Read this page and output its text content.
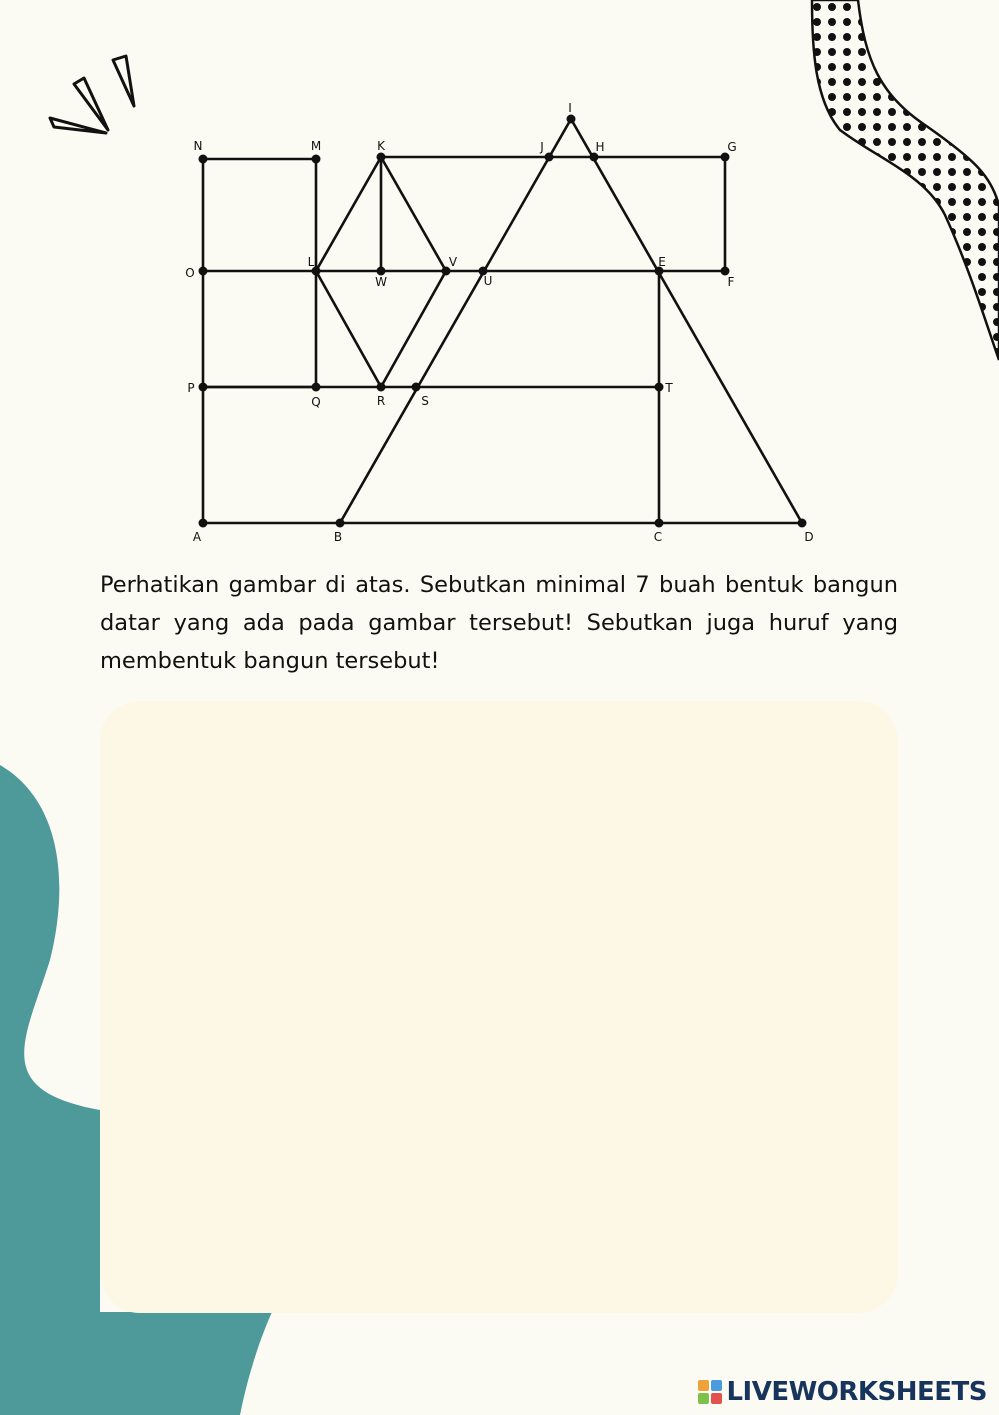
A	B	C	D
E
F
G
H
I
J
K
L
M
N
O
P
Q	R	S
T
U
V
W

Perhatikan gambar di atas. Sebutkan minimal 7 buah bentuk bangun datar yang ada pada gambar tersebut! Sebutkan juga huruf yang membentuk bangun tersebut!

LIVEWORKSHEETS
